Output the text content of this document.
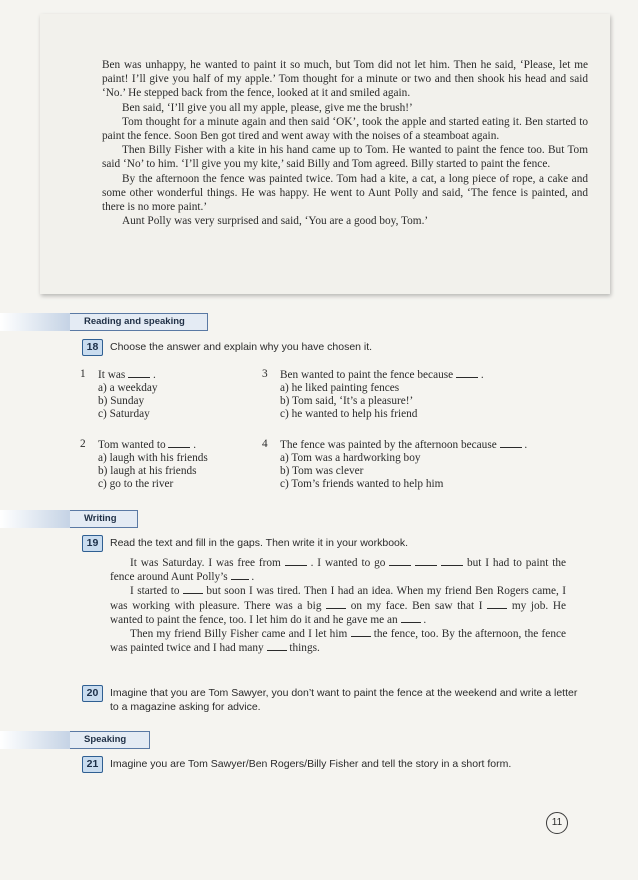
Ben was unhappy, he wanted to paint it so much, but Tom did not let him. Then he said, ‘Please, let me paint! I’ll give you half of my apple.’ Tom thought for a minute or two and then shook his head and said ‘No.’ He stepped back from the fence, looked at it and smiled again.

Ben said, ‘I’ll give you all my apple, please, give me the brush!’

Tom thought for a minute again and then said ‘OK’, took the apple and started eating it. Ben started to paint the fence. Soon Ben got tired and went away with the noises of a steamboat again.

Then Billy Fisher with a kite in his hand came up to Tom. He wanted to paint the fence too. But Tom said ‘No’ to him. ‘I’ll give you my kite,’ said Billy and Tom agreed. Billy started to paint the fence.

By the afternoon the fence was painted twice. Tom had a kite, a cat, a long piece of rope, a cake and some other wonderful things. He was happy. He went to Aunt Polly and said, ‘The fence is painted, and there is no more paint.’

Aunt Polly was very surprised and said, ‘You are a good boy, Tom.’

Reading and speaking
18	Choose the answer and explain why you have chosen it.
1 It was .
a) a weekday
b) Sunday
c) Saturday
2 Tom wanted to .
a) laugh with his friends
b) laugh at his friends
c) go to the river
3 Ben wanted to paint the fence because .
a) he liked painting fences
b) Tom said, ‘It’s a pleasure!’
c) he wanted to help his friend
4 The fence was painted by the afternoon because .
a) Tom was a hardworking boy
b) Tom was clever
c) Tom’s friends wanted to help him
Writing
19	Read the text and fill in the gaps. Then write it in your workbook.

It was Saturday. I was free from	. I wanted to go	but I had to paint the fence around Aunt Polly’s .

I started to but soon I was tired. Then I had an idea. When my friend Ben Rogers came, I was working with pleasure. There was a big	on my face. Ben saw that I	my job. He wanted to paint the fence, too. I let him do it and he gave me an .

Then my friend Billy Fisher came and I let him the fence, too. By the afternoon, the fence was painted twice and I had many things.

20	Imagine that you are Tom Sawyer, you don’t want to paint the fence at the weekend and write a letter to a magazine asking for advice.
Speaking
21	Imagine you are Tom Sawyer/Ben Rogers/Billy Fisher and tell the story in a short form.
11
